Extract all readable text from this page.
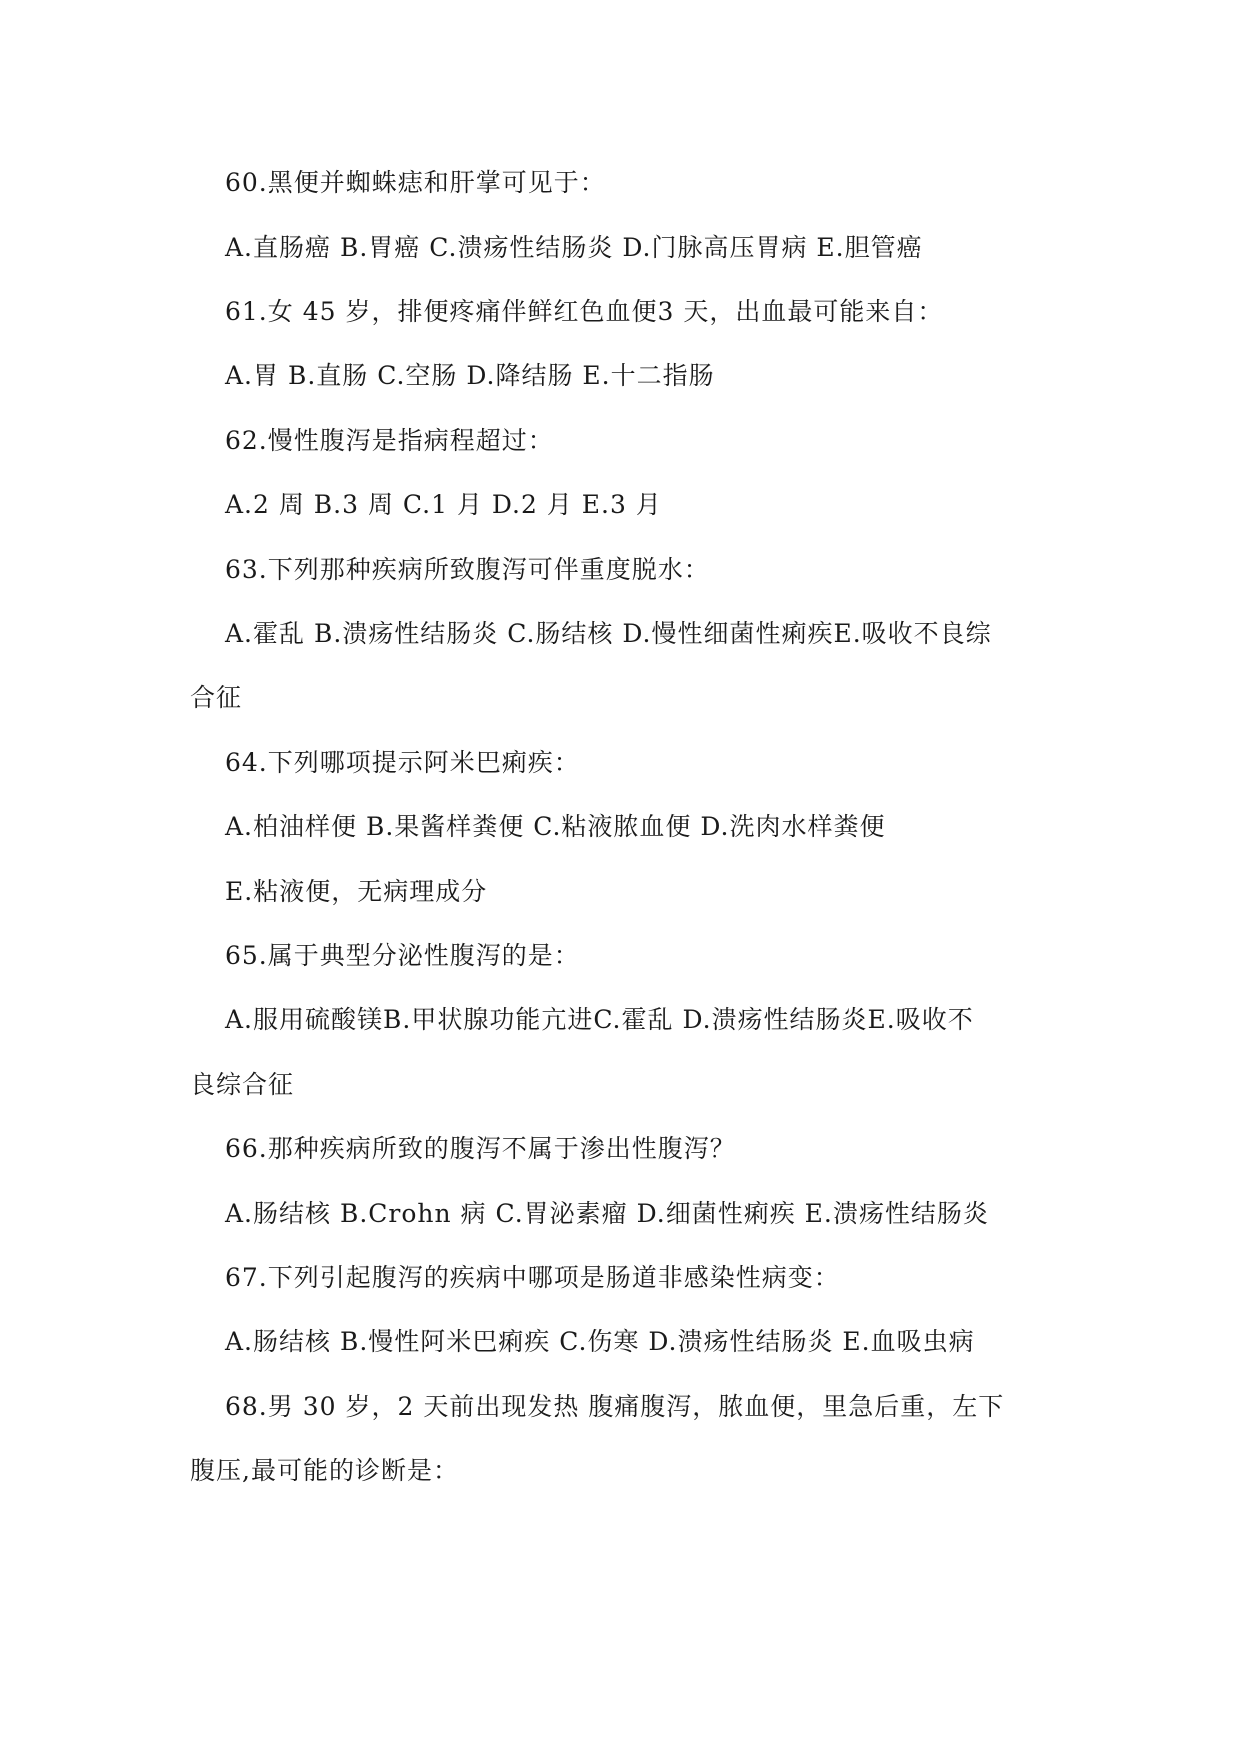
60.黑便并蜘蛛痣和肝掌可见于：

A.直肠癌 B.胃癌 C.溃疡性结肠炎 D.门脉高压胃病 E.胆管癌

61.女 45 岁，排便疼痛伴鲜红色血便3 天，出血最可能来自：

A.胃 B.直肠 C.空肠 D.降结肠 E.十二指肠

62.慢性腹泻是指病程超过：

A.2 周 B.3 周 C.1 月 D.2 月 E.3 月

63.下列那种疾病所致腹泻可伴重度脱水：

A.霍乱 B.溃疡性结肠炎 C.肠结核 D.慢性细菌性痢疾E.吸收不良综

合征

64.下列哪项提示阿米巴痢疾：

A.柏油样便 B.果酱样粪便 C.粘液脓血便 D.洗肉水样粪便

E.粘液便，无病理成分

65.属于典型分泌性腹泻的是：

A.服用硫酸镁B.甲状腺功能亢进C.霍乱 D.溃疡性结肠炎E.吸收不

良综合征

66.那种疾病所致的腹泻不属于渗出性腹泻？

A.肠结核 B.Crohn 病 C.胃泌素瘤 D.细菌性痢疾 E.溃疡性结肠炎

67.下列引起腹泻的疾病中哪项是肠道非感染性病变：

A.肠结核 B.慢性阿米巴痢疾 C.伤寒 D.溃疡性结肠炎 E.血吸虫病

68.男 30 岁，2 天前出现发热 腹痛腹泻，脓血便，里急后重，左下

腹压,最可能的诊断是：
